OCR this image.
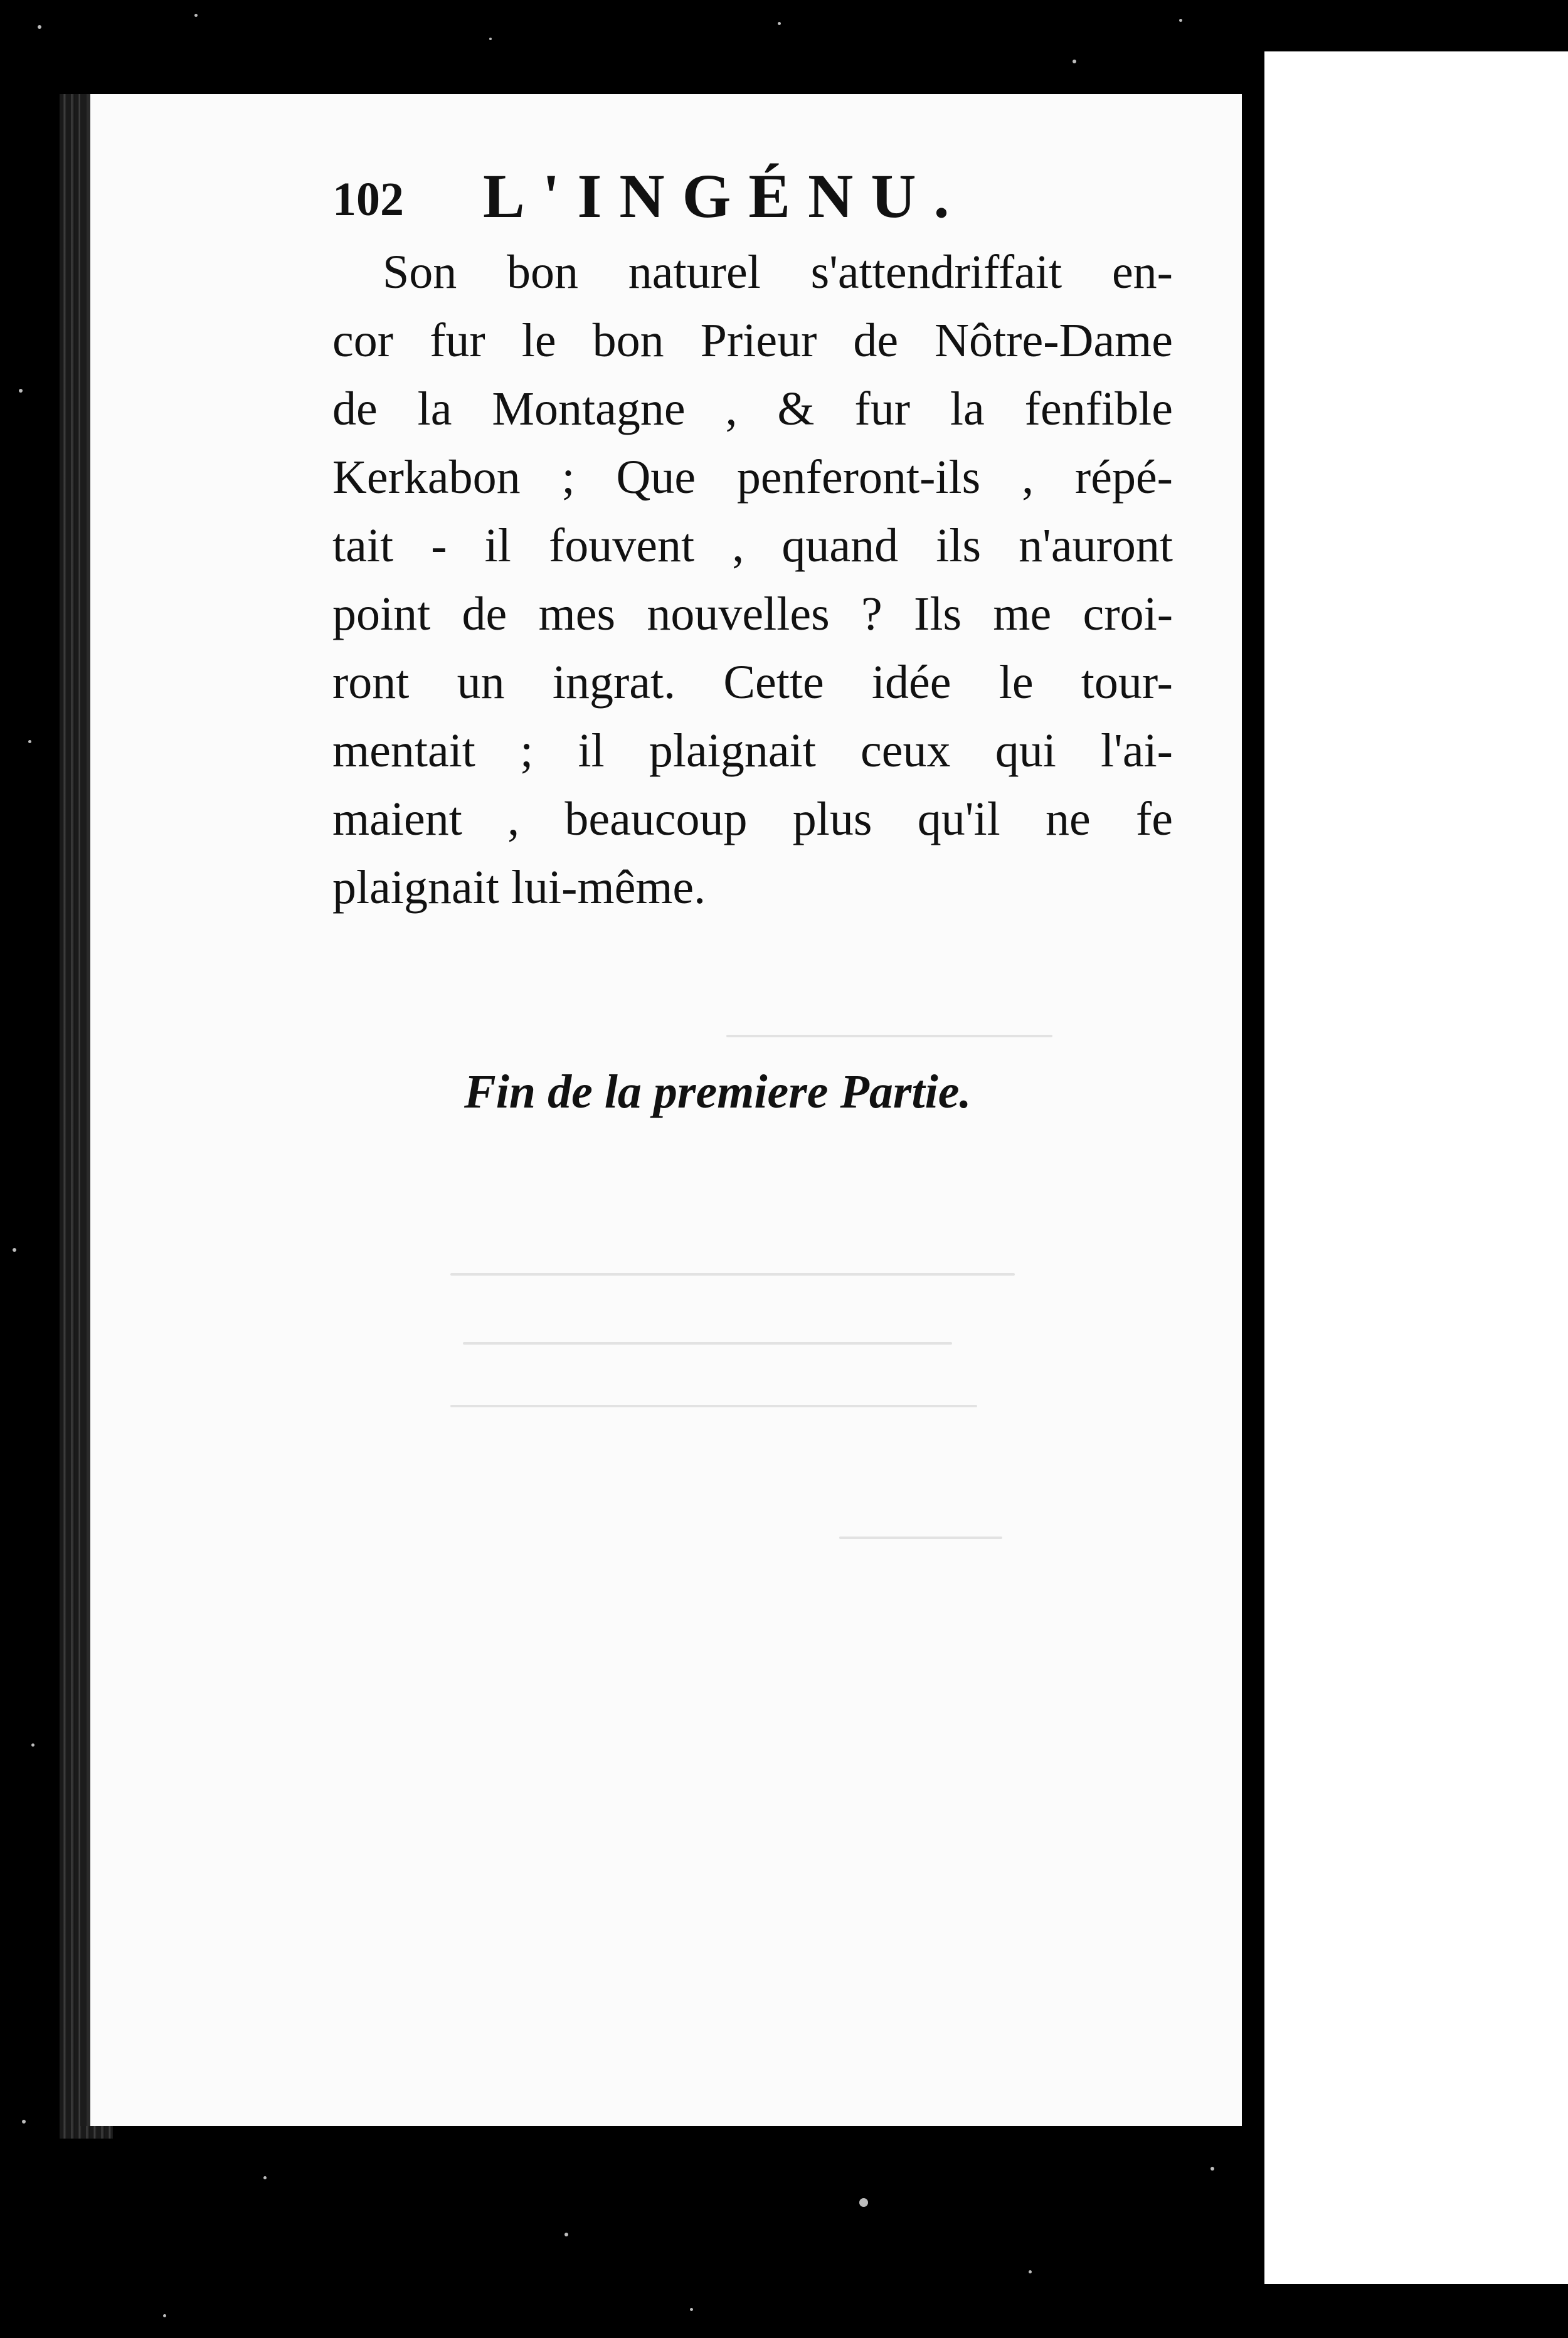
102 L'INGÉNU.
Son bon naturel s'attendriffait en-
cor fur le bon Prieur de Nôtre-Dame
de la Montagne , & fur la fenfible
Kerkabon ; Que penferont-ils , répé-
tait - il fouvent , quand ils n'auront
point de mes nouvelles ? Ils me croi-
ront un ingrat. Cette idée le tour-
mentait ; il plaignait ceux qui l'ai-
maient , beaucoup plus qu'il ne fe
plaignait lui-même.
Fin de la premiere Partie.
